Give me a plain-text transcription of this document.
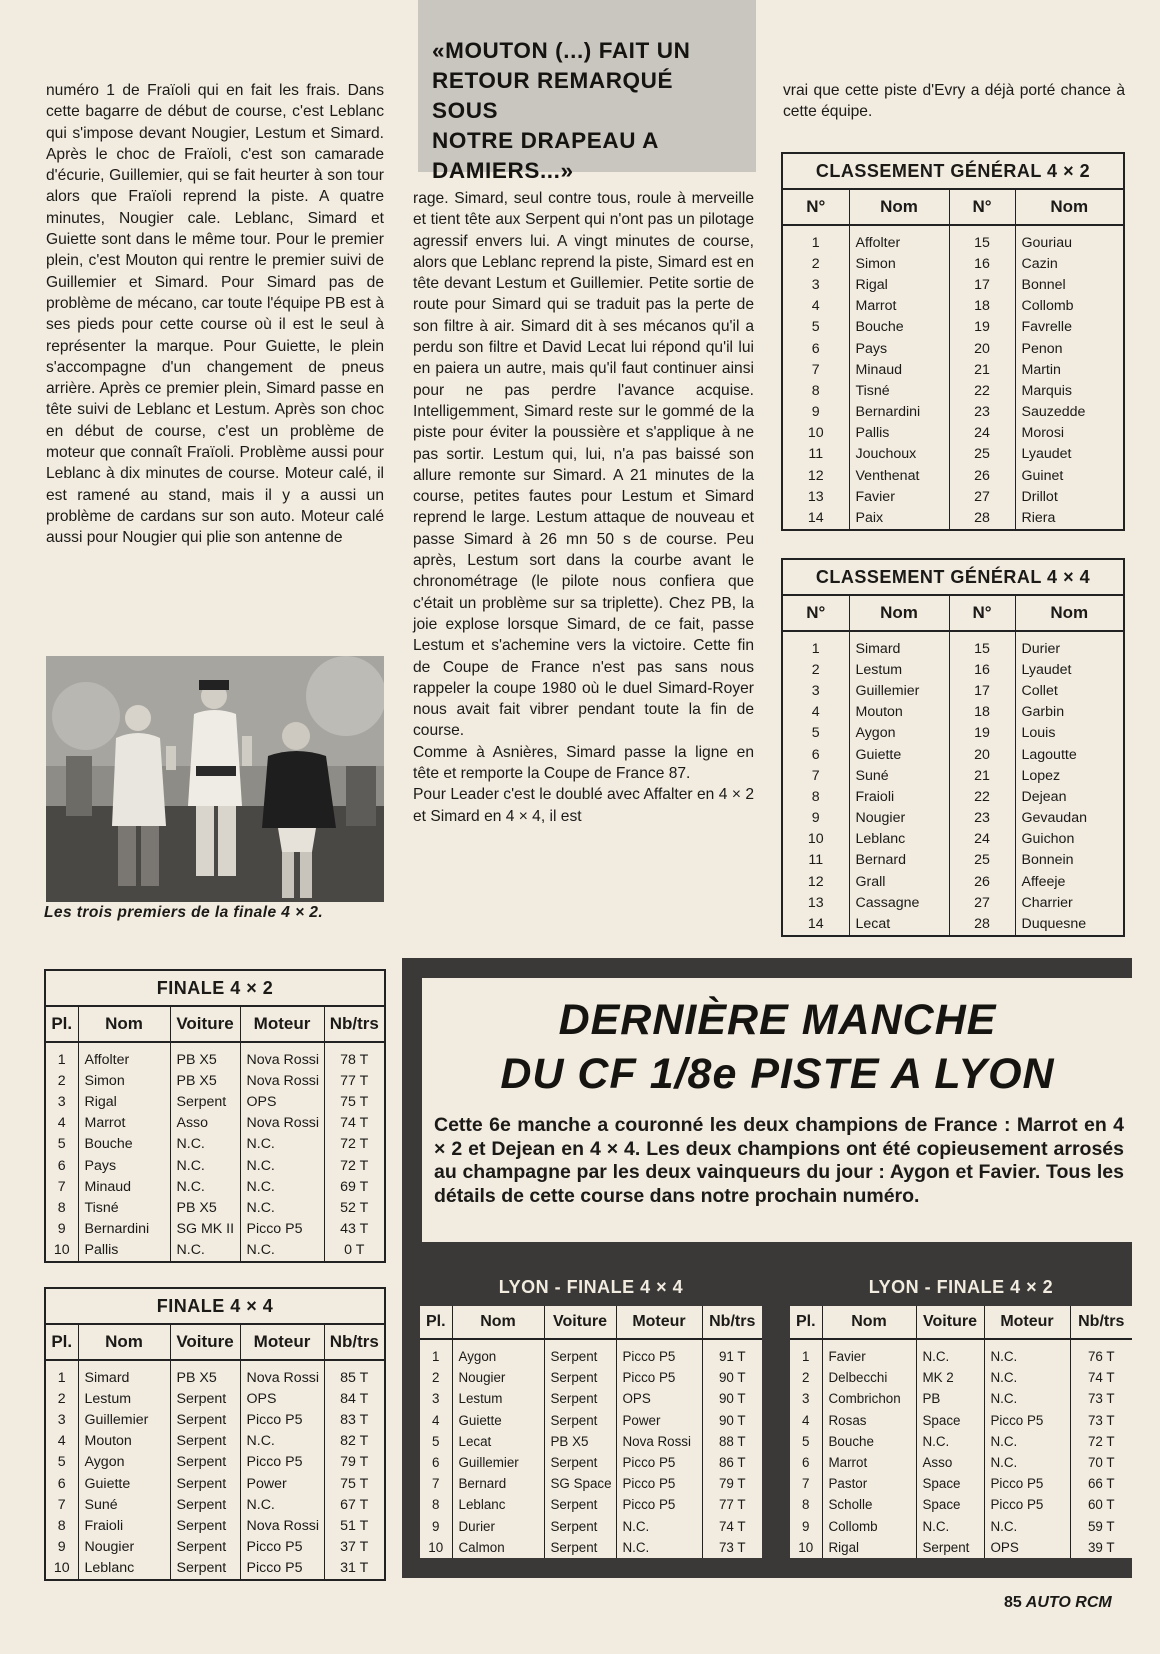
«MOUTON (...) FAIT UN
RETOUR REMARQUÉ SOUS
NOTRE DRAPEAU A
DAMIERS...»

numéro 1 de Fraïoli qui en fait les frais. Dans cette bagarre de début de course, c'est Leblanc qui s'impose devant Nougier, Lestum et Simard. Après le choc de Fraïoli, c'est son camarade d'écurie, Guillemier, qui se fait heurter à son tour alors que Fraïoli reprend la piste. A quatre minutes, Nougier cale. Leblanc, Simard et Guiette sont dans le même tour. Pour le premier plein, c'est Mouton qui rentre le premier suivi de Guillemier et Simard. Pour Simard pas de problème de mécano, car toute l'équipe PB est à ses pieds pour cette course où il est le seul à représenter la marque. Pour Guiette, le plein s'accompagne d'un changement de pneus arrière. Après ce premier plein, Simard passe en tête suivi de Leblanc et Lestum. Après son choc en début de course, c'est un problème de moteur que connaît Fraïoli. Problème aussi pour Leblanc à dix minutes de course. Moteur calé, il est ramené au stand, mais il y a aussi un problème de cardans sur son auto. Moteur calé aussi pour Nougier qui plie son antenne de

rage. Simard, seul contre tous, roule à merveille et tient tête aux Serpent qui n'ont pas un pilotage agressif envers lui. A vingt minutes de course, alors que Leblanc reprend la piste, Simard est en tête devant Lestum et Guillemier. Petite sortie de route pour Simard qui se traduit pas la perte de son filtre à air. Simard dit à ses mécanos qu'il a perdu son filtre et David Lecat lui répond qu'il lui en paiera un autre, mais qu'il faut continuer ainsi pour ne pas perdre l'avance acquise. Intelligemment, Simard reste sur le gommé de la piste pour éviter la poussière et s'applique à ne pas sortir. Lestum qui, lui, n'a pas baissé son allure remonte sur Simard. A 21 minutes de la course, petites fautes pour Lestum et Simard reprend le large. Lestum attaque de nouveau et passe Simard à 26 mn 50 s de course. Peu après, Lestum sort dans la courbe avant le chronométrage (le pilote nous confiera que c'était un problème sur sa triplette). Chez PB, la joie explose lorsque Simard, de ce fait, passe Lestum et s'achemine vers la victoire. Cette fin de Coupe de France n'est pas sans nous rappeler la coupe 1980 où le duel Simard-Royer nous avait fait vibrer pendant toute la fin de course.

Comme à Asnières, Simard passe la ligne en tête et remporte la Coupe de France 87.

Pour Leader c'est le doublé avec Affalter en 4 × 2 et Simard en 4 × 4, il est

vrai que cette piste d'Evry a déjà porté chance à cette équipe.

Les trois premiers de la finale 4 × 2.
CLASSEMENT GÉNÉRAL 4 × 2
N°	Nom	N°	Nom
1	Affolter	15	Gouriau
2	Simon	16	Cazin
3	Rigal	17	Bonnel
4	Marrot	18	Collomb
5	Bouche	19	Favrelle
6	Pays	20	Penon
7	Minaud	21	Martin
8	Tisné	22	Marquis
9	Bernardini	23	Sauzedde
10	Pallis	24	Morosi
11	Jouchoux	25	Lyaudet
12	Venthenat	26	Guinet
13	Favier	27	Drillot
14	Paix	28	Riera
CLASSEMENT GÉNÉRAL 4 × 4
N°	Nom	N°	Nom
1	Simard	15	Durier
2	Lestum	16	Lyaudet
3	Guillemier	17	Collet
4	Mouton	18	Garbin
5	Aygon	19	Louis
6	Guiette	20	Lagoutte
7	Suné	21	Lopez
8	Fraioli	22	Dejean
9	Nougier	23	Gevaudan
10	Leblanc	24	Guichon
11	Bernard	25	Bonnein
12	Grall	26	Affeeje
13	Cassagne	27	Charrier
14	Lecat	28	Duquesne
FINALE 4 × 2
Pl.	Nom	Voiture	Moteur	Nb/trs
1	Affolter	PB X5	Nova Rossi	78 T
2	Simon	PB X5	Nova Rossi	77 T
3	Rigal	Serpent	OPS	75 T
4	Marrot	Asso	Nova Rossi	74 T
5	Bouche	N.C.	N.C.	72 T
6	Pays	N.C.	N.C.	72 T
7	Minaud	N.C.	N.C.	69 T
8	Tisné	PB X5	N.C.	52 T
9	Bernardini	SG MK II	Picco P5	43 T
10	Pallis	N.C.	N.C.	0 T
FINALE 4 × 4
Pl.	Nom	Voiture	Moteur	Nb/trs
1	Simard	PB X5	Nova Rossi	85 T
2	Lestum	Serpent	OPS	84 T
3	Guillemier	Serpent	Picco P5	83 T
4	Mouton	Serpent	N.C.	82 T
5	Aygon	Serpent	Picco P5	79 T
6	Guiette	Serpent	Power	75 T
7	Suné	Serpent	N.C.	67 T
8	Fraioli	Serpent	Nova Rossi	51 T
9	Nougier	Serpent	Picco P5	37 T
10	Leblanc	Serpent	Picco P5	31 T
DERNIÈRE MANCHE
DU CF 1/8e PISTE A LYON
Cette 6e manche a couronné les deux champions de France : Marrot en 4 × 2 et Dejean en 4 × 4. Les deux champions ont été copieusement arrosés au champagne par les deux vainqueurs du jour : Aygon et Favier. Tous les détails de cette course dans notre prochain numéro.
LYON - FINALE 4 × 4
Pl.	Nom	Voiture	Moteur	Nb/trs
1	Aygon	Serpent	Picco P5	91 T
2	Nougier	Serpent	Picco P5	90 T
3	Lestum	Serpent	OPS	90 T
4	Guiette	Serpent	Power	90 T
5	Lecat	PB X5	Nova Rossi	88 T
6	Guillemier	Serpent	Picco P5	86 T
7	Bernard	SG Space	Picco P5	79 T
8	Leblanc	Serpent	Picco P5	77 T
9	Durier	Serpent	N.C.	74 T
10	Calmon	Serpent	N.C.	73 T
LYON - FINALE 4 × 2
Pl.	Nom	Voiture	Moteur	Nb/trs
1	Favier	N.C.	N.C.	76 T
2	Delbecchi	MK 2	N.C.	74 T
3	Combrichon	PB	N.C.	73 T
4	Rosas	Space	Picco P5	73 T
5	Bouche	N.C.	N.C.	72 T
6	Marrot	Asso	N.C.	70 T
7	Pastor	Space	Picco P5	66 T
8	Scholle	Space	Picco P5	60 T
9	Collomb	N.C.	N.C.	59 T
10	Rigal	Serpent	OPS	39 T
85 AUTO RCM
